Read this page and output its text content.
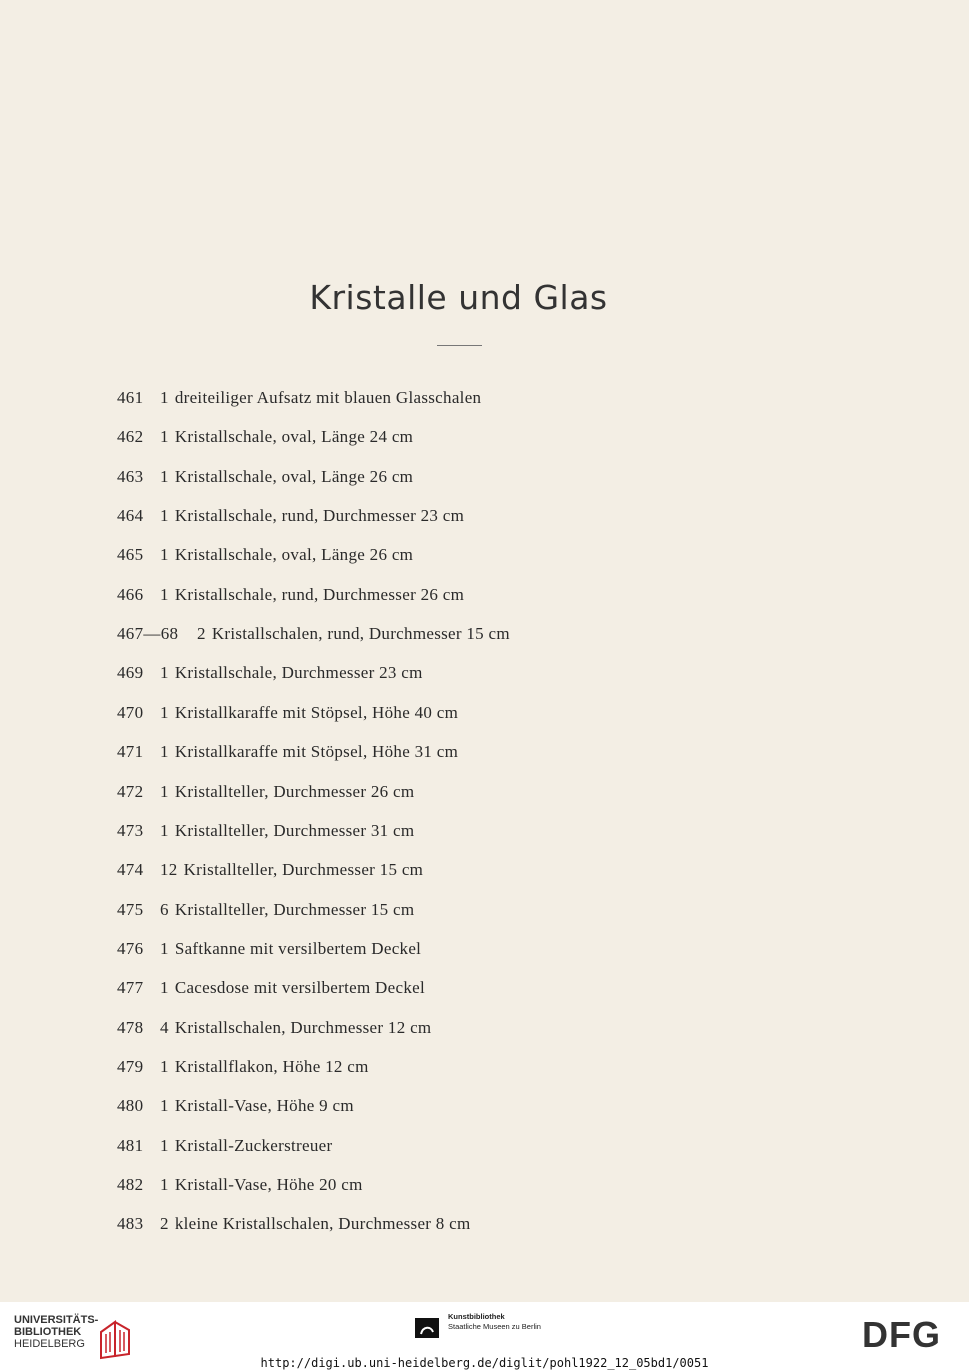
Kristalle und Glas
461 1 dreiteiliger Aufsatz mit blauen Glasschalen
462 1 Kristallschale, oval, Länge 24 cm
463 1 Kristallschale, oval, Länge 26 cm
464 1 Kristallschale, rund, Durchmesser 23 cm
465 1 Kristallschale, oval, Länge 26 cm
466 1 Kristallschale, rund, Durchmesser 26 cm
467—68 2 Kristallschalen, rund, Durchmesser 15 cm
469 1 Kristallschale, Durchmesser 23 cm
470 1 Kristallkaraffe mit Stöpsel, Höhe 40 cm
471 1 Kristallkaraffe mit Stöpsel, Höhe 31 cm
472 1 Kristallteller, Durchmesser 26 cm
473 1 Kristallteller, Durchmesser 31 cm
474 12 Kristallteller, Durchmesser 15 cm
475 6 Kristallteller, Durchmesser 15 cm
476 1 Saftkanne mit versilbertem Deckel
477 1 Cacesdose mit versilbertem Deckel
478 4 Kristallschalen, Durchmesser 12 cm
479 1 Kristallflakon, Höhe 12 cm
480 1 Kristall-Vase, Höhe 9 cm
481 1 Kristall-Zuckerstreuer
482 1 Kristall-Vase, Höhe 20 cm
483 2 kleine Kristallschalen, Durchmesser 8 cm
UNIVERSITÄTS-
BIBLIOTHEK
HEIDELBERG
Kunstbibliothek
Staatliche Museen zu Berlin	DFG
http://digi.ub.uni-heidelberg.de/diglit/pohl1922_12_05bd1/0051
